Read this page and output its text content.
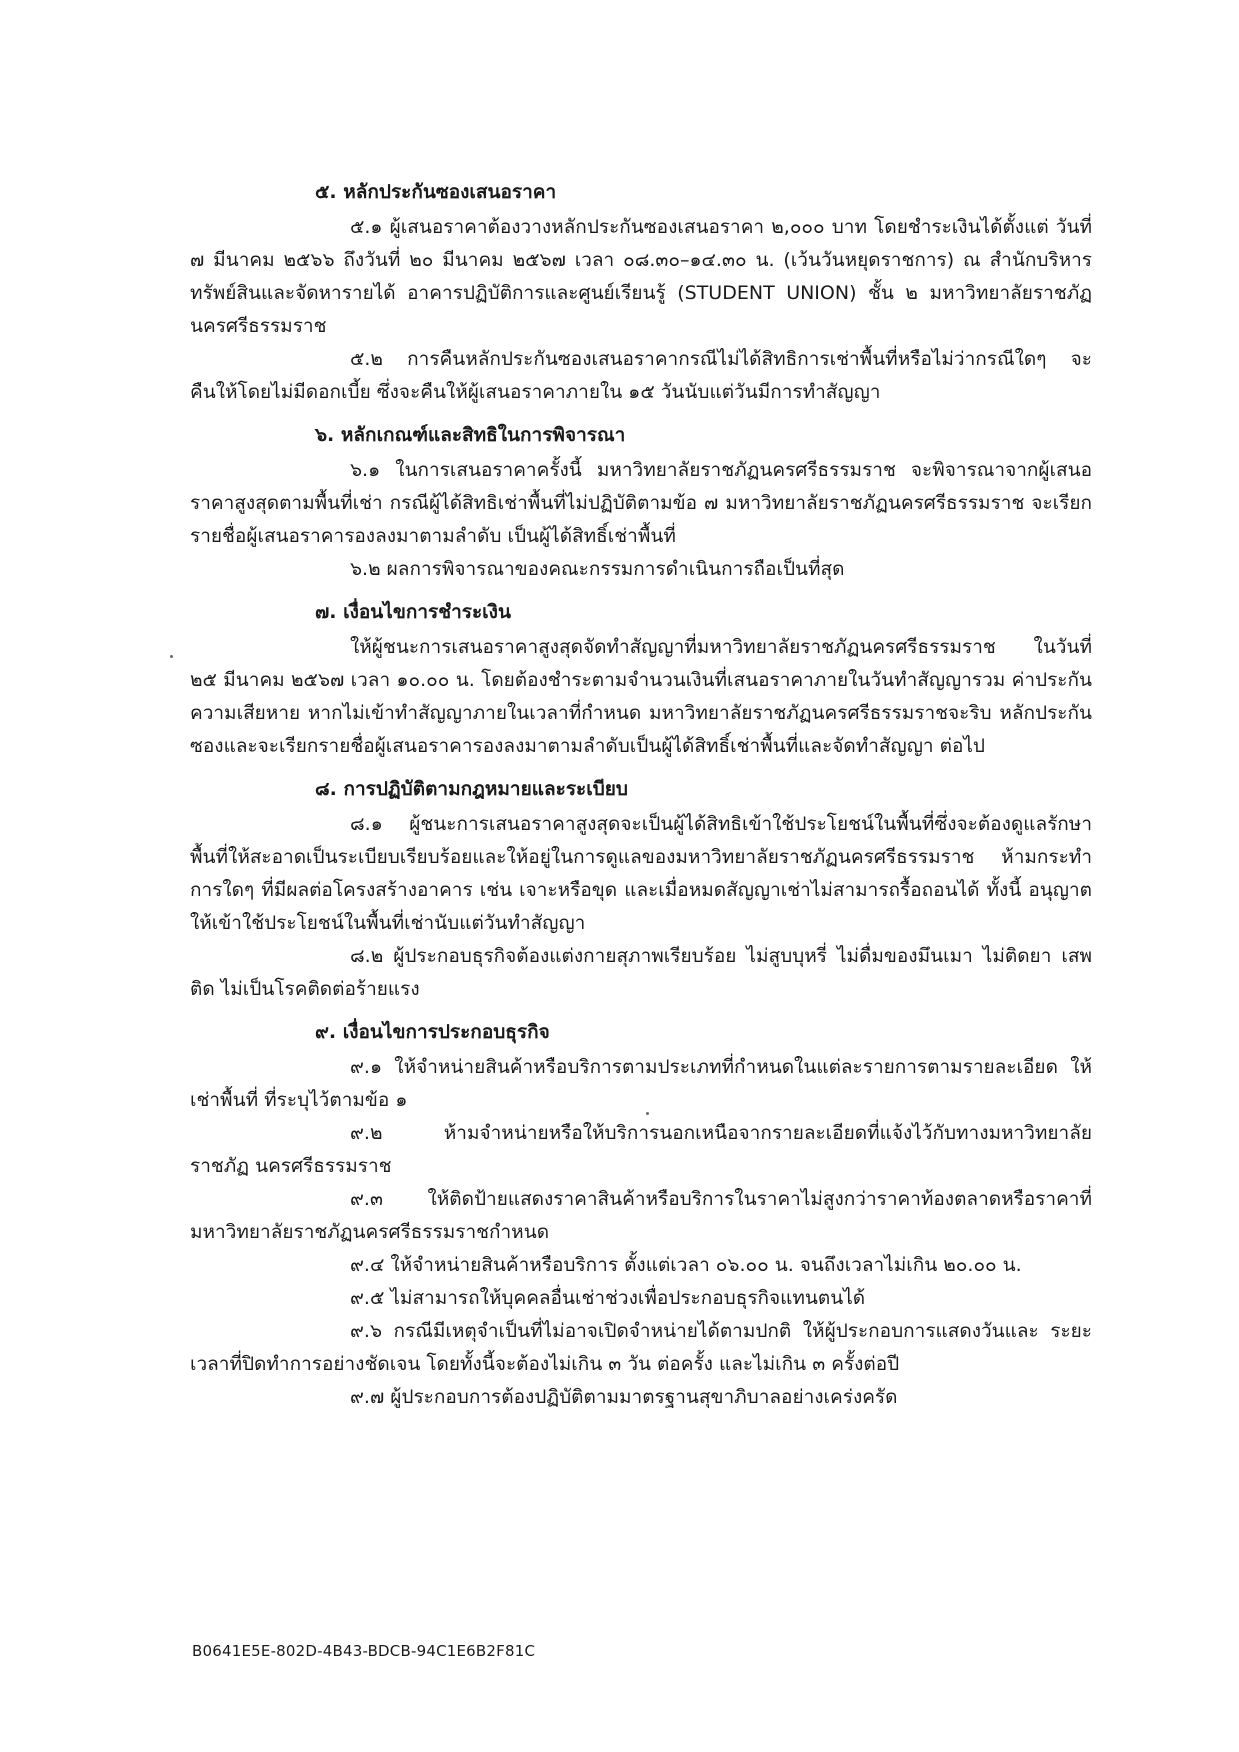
๕. หลักประกันซองเสนอราคา

๕.๑ ผู้เสนอราคาต้องวางหลักประกันซองเสนอราคา ๒,๐๐๐ บาท โดยชำระเงินได้ตั้งแต่ วันที่ ๗ มีนาคม ๒๕๖๖ ถึงวันที่ ๒๐ มีนาคม ๒๕๖๗ เวลา ๐๘.๓๐–๑๔.๓๐ น. (เว้นวันหยุดราชการ) ณ สำนักบริหารทรัพย์สินและจัดหารายได้ อาคารปฏิบัติการและศูนย์เรียนรู้ (STUDENT UNION) ชั้น ๒ มหาวิทยาลัยราชภัฏนครศรีธรรมราช

๕.๒ การคืนหลักประกันซองเสนอราคากรณีไม่ได้สิทธิการเช่าพื้นที่หรือไม่ว่ากรณีใดๆ จะคืนให้โดยไม่มีดอกเบี้ย ซึ่งจะคืนให้ผู้เสนอราคาภายใน ๑๕ วันนับแต่วันมีการทำสัญญา

๖. หลักเกณฑ์และสิทธิในการพิจารณา

๖.๑ ในการเสนอราคาครั้งนี้ มหาวิทยาลัยราชภัฏนครศรีธรรมราช จะพิจารณาจากผู้เสนอ ราคาสูงสุดตามพื้นที่เช่า กรณีผู้ได้สิทธิเช่าพื้นที่ไม่ปฏิบัติตามข้อ ๗ มหาวิทยาลัยราชภัฏนครศรีธรรมราช จะเรียก รายชื่อผู้เสนอราคารองลงมาตามลำดับ เป็นผู้ได้สิทธิ์เช่าพื้นที่

๖.๒ ผลการพิจารณาของคณะกรรมการดำเนินการถือเป็นที่สุด

๗. เงื่อนไขการชำระเงิน

ให้ผู้ชนะการเสนอราคาสูงสุดจัดทำสัญญาที่มหาวิทยาลัยราชภัฏนครศรีธรรมราช ในวันที่ ๒๕ มีนาคม ๒๕๖๗ เวลา ๑๐.๐๐ น. โดยต้องชำระตามจำนวนเงินที่เสนอราคาภายในวันทำสัญญารวม ค่าประกันความเสียหาย หากไม่เข้าทำสัญญาภายในเวลาที่กำหนด มหาวิทยาลัยราชภัฏนครศรีธรรมราชจะริบ หลักประกันซองและจะเรียกรายชื่อผู้เสนอราคารองลงมาตามลำดับเป็นผู้ได้สิทธิ์เช่าพื้นที่และจัดทำสัญญา ต่อไป

๘. การปฏิบัติตามกฎหมายและระเบียบ

๘.๑ ผู้ชนะการเสนอราคาสูงสุดจะเป็นผู้ได้สิทธิเข้าใช้ประโยชน์ในพื้นที่ซึ่งจะต้องดูแลรักษา พื้นที่ให้สะอาดเป็นระเบียบเรียบร้อยและให้อยู่ในการดูแลของมหาวิทยาลัยราชภัฏนครศรีธรรมราช ห้ามกระทำการใดๆ ที่มีผลต่อโครงสร้างอาคาร เช่น เจาะหรือขุด และเมื่อหมดสัญญาเช่าไม่สามารถรื้อถอนได้ ทั้งนี้ อนุญาตให้เข้าใช้ประโยชน์ในพื้นที่เช่านับแต่วันทำสัญญา

๘.๒ ผู้ประกอบธุรกิจต้องแต่งกายสุภาพเรียบร้อย ไม่สูบบุหรี่ ไม่ดื่มของมึนเมา ไม่ติดยา เสพติด ไม่เป็นโรคติดต่อร้ายแรง

๙. เงื่อนไขการประกอบธุรกิจ

๙.๑ ให้จำหน่ายสินค้าหรือบริการตามประเภทที่กำหนดในแต่ละรายการตามรายละเอียด ให้เช่าพื้นที่ ที่ระบุไว้ตามข้อ ๑

๙.๒ ห้ามจำหน่ายหรือให้บริการนอกเหนือจากรายละเอียดที่แจ้งไว้กับทางมหาวิทยาลัยราชภัฏ นครศรีธรรมราช

๙.๓ ให้ติดป้ายแสดงราคาสินค้าหรือบริการในราคาไม่สูงกว่าราคาท้องตลาดหรือราคาที่ มหาวิทยาลัยราชภัฏนครศรีธรรมราชกำหนด

๙.๔ ให้จำหน่ายสินค้าหรือบริการ ตั้งแต่เวลา ๐๖.๐๐ น. จนถึงเวลาไม่เกิน ๒๐.๐๐ น.

๙.๕ ไม่สามารถให้บุคคลอื่นเช่าช่วงเพื่อประกอบธุรกิจแทนตนได้

๙.๖ กรณีมีเหตุจำเป็นที่ไม่อาจเปิดจำหน่ายได้ตามปกติ ให้ผู้ประกอบการแสดงวันและ ระยะเวลาที่ปิดทำการอย่างชัดเจน โดยทั้งนี้จะต้องไม่เกิน ๓ วัน ต่อครั้ง และไม่เกิน ๓ ครั้งต่อปี

๙.๗ ผู้ประกอบการต้องปฏิบัติตามมาตรฐานสุขาภิบาลอย่างเคร่งครัด

B0641E5E-802D-4B43-BDCB-94C1E6B2F81C
